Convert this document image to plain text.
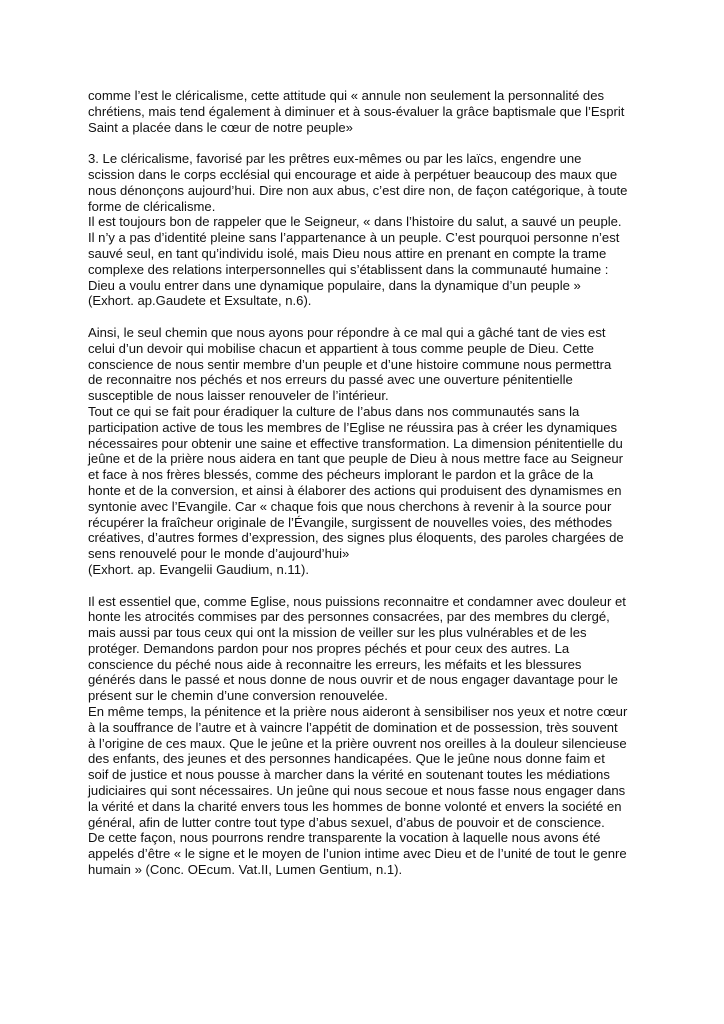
comme l’est le cléricalisme, cette attitude qui « annule non seulement la personnalité des
chrétiens, mais tend également à diminuer et à sous-évaluer la grâce baptismale que l’Esprit
Saint a placée dans le cœur de notre peuple»

3. Le cléricalisme, favorisé par les prêtres eux-mêmes ou par les laïcs, engendre une
scission dans le corps ecclésial qui encourage et aide à perpétuer beaucoup des maux que
nous dénonçons aujourd’hui. Dire non aux abus, c’est dire non, de façon catégorique, à toute
forme de cléricalisme.
Il est toujours bon de rappeler que le Seigneur, « dans l’histoire du salut, a sauvé un peuple.
Il n’y a pas d’identité pleine sans l’appartenance à un peuple. C’est pourquoi personne n’est
sauvé seul, en tant qu’individu isolé, mais Dieu nous attire en prenant en compte la trame
complexe des relations interpersonnelles qui s’établissent dans la communauté humaine :
Dieu a voulu entrer dans une dynamique populaire, dans la dynamique d’un peuple »
(Exhort. ap.Gaudete et Exsultate, n.6).

Ainsi, le seul chemin que nous ayons pour répondre à ce mal qui a gâché tant de vies est
celui d’un devoir qui mobilise chacun et appartient à tous comme peuple de Dieu. Cette
conscience de nous sentir membre d’un peuple et d’une histoire commune nous permettra
de reconnaitre nos péchés et nos erreurs du passé avec une ouverture pénitentielle
susceptible de nous laisser renouveler de l’intérieur.
Tout ce qui se fait pour éradiquer la culture de l’abus dans nos communautés sans la
participation active de tous les membres de l’Eglise ne réussira pas à créer les dynamiques
nécessaires pour obtenir une saine et effective transformation. La dimension pénitentielle du
jeûne et de la prière nous aidera en tant que peuple de Dieu à nous mettre face au Seigneur
et face à nos frères blessés, comme des pécheurs implorant le pardon et la grâce de la
honte et de la conversion, et ainsi à élaborer des actions qui produisent des dynamismes en
syntonie avec l’Evangile. Car « chaque fois que nous cherchons à revenir à la source pour
récupérer la fraîcheur originale de l’Évangile, surgissent de nouvelles voies, des méthodes
créatives, d’autres formes d’expression, des signes plus éloquents, des paroles chargées de
sens renouvelé pour le monde d’aujourd’hui»
(Exhort. ap. Evangelii Gaudium, n.11).

Il est essentiel que, comme Eglise, nous puissions reconnaitre et condamner avec douleur et
honte les atrocités commises par des personnes consacrées, par des membres du clergé,
mais aussi par tous ceux qui ont la mission de veiller sur les plus vulnérables et de les
protéger. Demandons pardon pour nos propres péchés et pour ceux des autres. La
conscience du péché nous aide à reconnaitre les erreurs, les méfaits et les blessures
générés dans le passé et nous donne de nous ouvrir et de nous engager davantage pour le
présent sur le chemin d’une conversion renouvelée.
En même temps, la pénitence et la prière nous aideront à sensibiliser nos yeux et notre cœur
à la souffrance de l’autre et à vaincre l’appétit de domination et de possession, très souvent
à l’origine de ces maux. Que le jeûne et la prière ouvrent nos oreilles à la douleur silencieuse
des enfants, des jeunes et des personnes handicapées. Que le jeûne nous donne faim et
soif de justice et nous pousse à marcher dans la vérité en soutenant toutes les médiations
judiciaires qui sont nécessaires. Un jeûne qui nous secoue et nous fasse nous engager dans
la vérité et dans la charité envers tous les hommes de bonne volonté et envers la société en
général, afin de lutter contre tout type d’abus sexuel, d’abus de pouvoir et de conscience.
De cette façon, nous pourrons rendre transparente la vocation à laquelle nous avons été
appelés d’être « le signe et le moyen de l’union intime avec Dieu et de l’unité de tout le genre
humain » (Conc. OEcum. Vat.II, Lumen Gentium, n.1).
